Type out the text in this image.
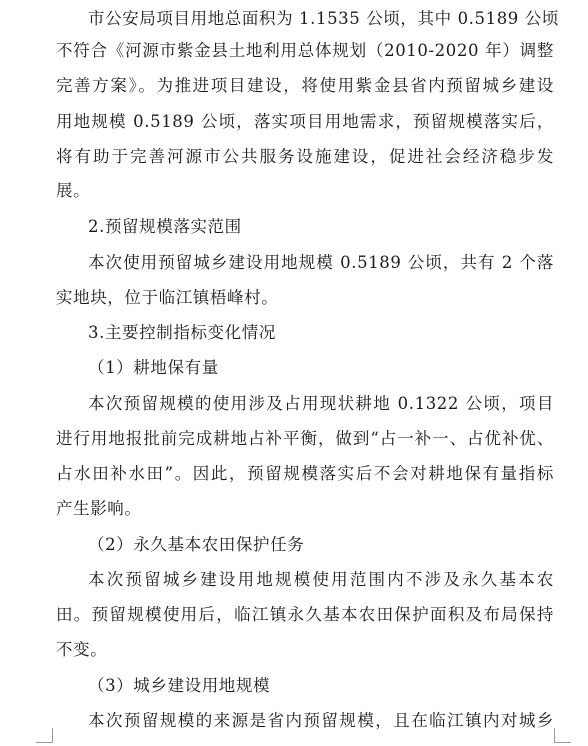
市公安局项目用地总面积为 1.1535 公顷，其中 0.5189 公顷
不符合《河源市紫金县土地利用总体规划（2010-2020 年）调整
完善方案》。为推进项目建设，将使用紫金县省内预留城乡建设
用地规模 0.5189 公顷，落实项目用地需求，预留规模落实后，
将有助于完善河源市公共服务设施建设，促进社会经济稳步发
展。
2.预留规模落实范围
本次使用预留城乡建设用地规模 0.5189 公顷，共有 2 个落
实地块，位于临江镇梧峰村。
3.主要控制指标变化情况
（1）耕地保有量
本次预留规模的使用涉及占用现状耕地 0.1322 公顷，项目
进行用地报批前完成耕地占补平衡，做到“占一补一、占优补优、
占水田补水田”。因此，预留规模落实后不会对耕地保有量指标
产生影响。
（2）永久基本农田保护任务
本次预留城乡建设用地规模使用范围内不涉及永久基本农
田。预留规模使用后，临江镇永久基本农田保护面积及布局保持
不变。
（3）城乡建设用地规模
本次预留规模的来源是省内预留规模，且在临江镇内对城乡
